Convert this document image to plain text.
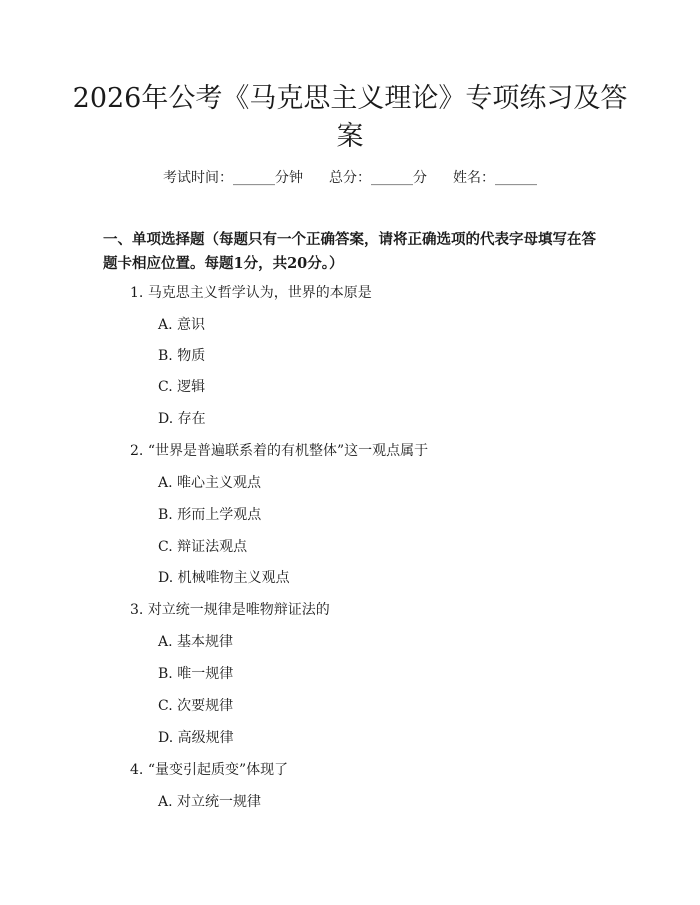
2026年公考《马克思主义理论》专项练习及答案
考试时间：______分钟 总分：______分 姓名：______
一、单项选择题（每题只有一个正确答案，请将正确选项的代表字母填写在答题卡相应位置。每题1分，共20分。）
1. 马克思主义哲学认为，世界的本原是
A. 意识
B. 物质
C. 逻辑
D. 存在
2. “世界是普遍联系着的有机整体”这一观点属于
A. 唯心主义观点
B. 形而上学观点
C. 辩证法观点
D. 机械唯物主义观点
3. 对立统一规律是唯物辩证法的
A. 基本规律
B. 唯一规律
C. 次要规律
D. 高级规律
4. “量变引起质变”体现了
A. 对立统一规律
